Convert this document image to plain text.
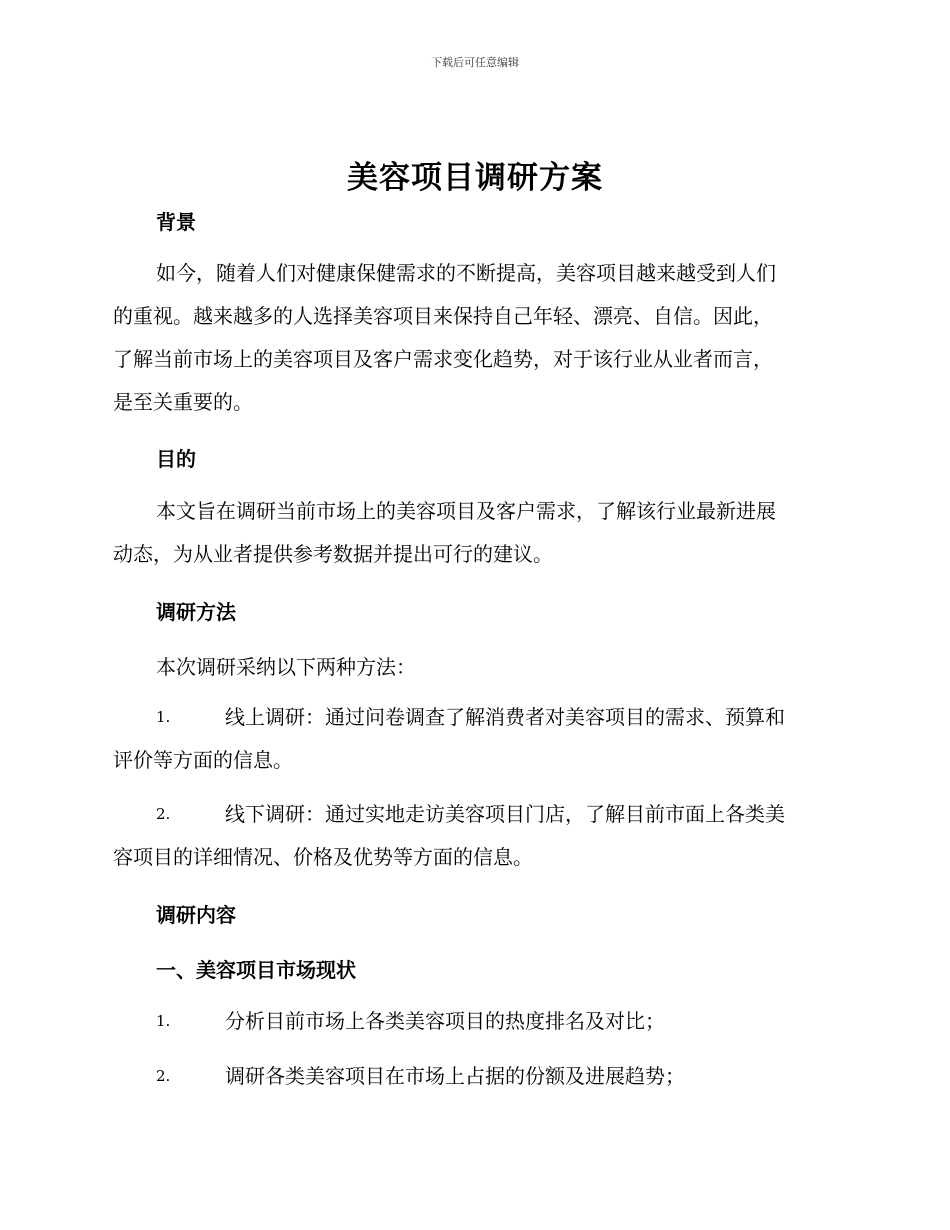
下载后可任意编辑
美容项目调研方案
背景
如今，随着人们对健康保健需求的不断提高，美容项目越来越受到人们
的重视。越来越多的人选择美容项目来保持自己年轻、漂亮、自信。因此，
了解当前市场上的美容项目及客户需求变化趋势，对于该行业从业者而言，
是至关重要的。
目的
本文旨在调研当前市场上的美容项目及客户需求，了解该行业最新进展
动态，为从业者提供参考数据并提出可行的建议。
调研方法
本次调研采纳以下两种方法：
1.	线上调研：通过问卷调查了解消费者对美容项目的需求、预算和
评价等方面的信息。
2.	线下调研：通过实地走访美容项目门店，了解目前市面上各类美
容项目的详细情况、价格及优势等方面的信息。
调研内容
一、美容项目市场现状
1.	分析目前市场上各类美容项目的热度排名及对比；
2.	调研各类美容项目在市场上占据的份额及进展趋势；
